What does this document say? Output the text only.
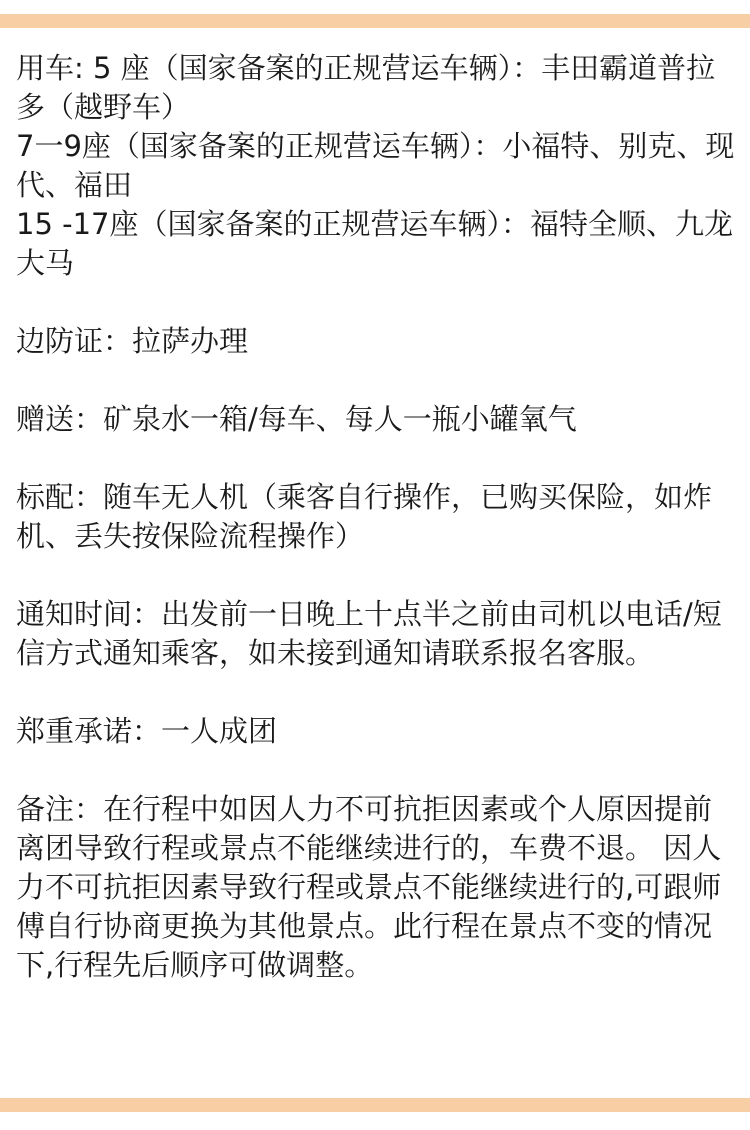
用车: 5 座（国家备案的正规营运车辆）：丰田霸道普拉多（越野车）

7一9座（国家备案的正规营运车辆）：小福特、别克、现代、福田

15 -17座（国家备案的正规营运车辆）：福特全顺、九龙大马

边防证：拉萨办理

赠送：矿泉水一箱/每车、每人一瓶小罐氧气

标配：随车无人机（乘客自行操作，已购买保险，如炸机、丢失按保险流程操作）

通知时间：出发前一日晚上十点半之前由司机以电话/短信方式通知乘客，如未接到通知请联系报名客服。

郑重承诺：一人成团

备注：在行程中如因人力不可抗拒因素或个人原因提前离团导致行程或景点不能继续进行的，车费不退。 因人力不可抗拒因素导致行程或景点不能继续进行的,可跟师傅自行协商更换为其他景点。此行程在景点不变的情况下,行程先后顺序可做调整。
